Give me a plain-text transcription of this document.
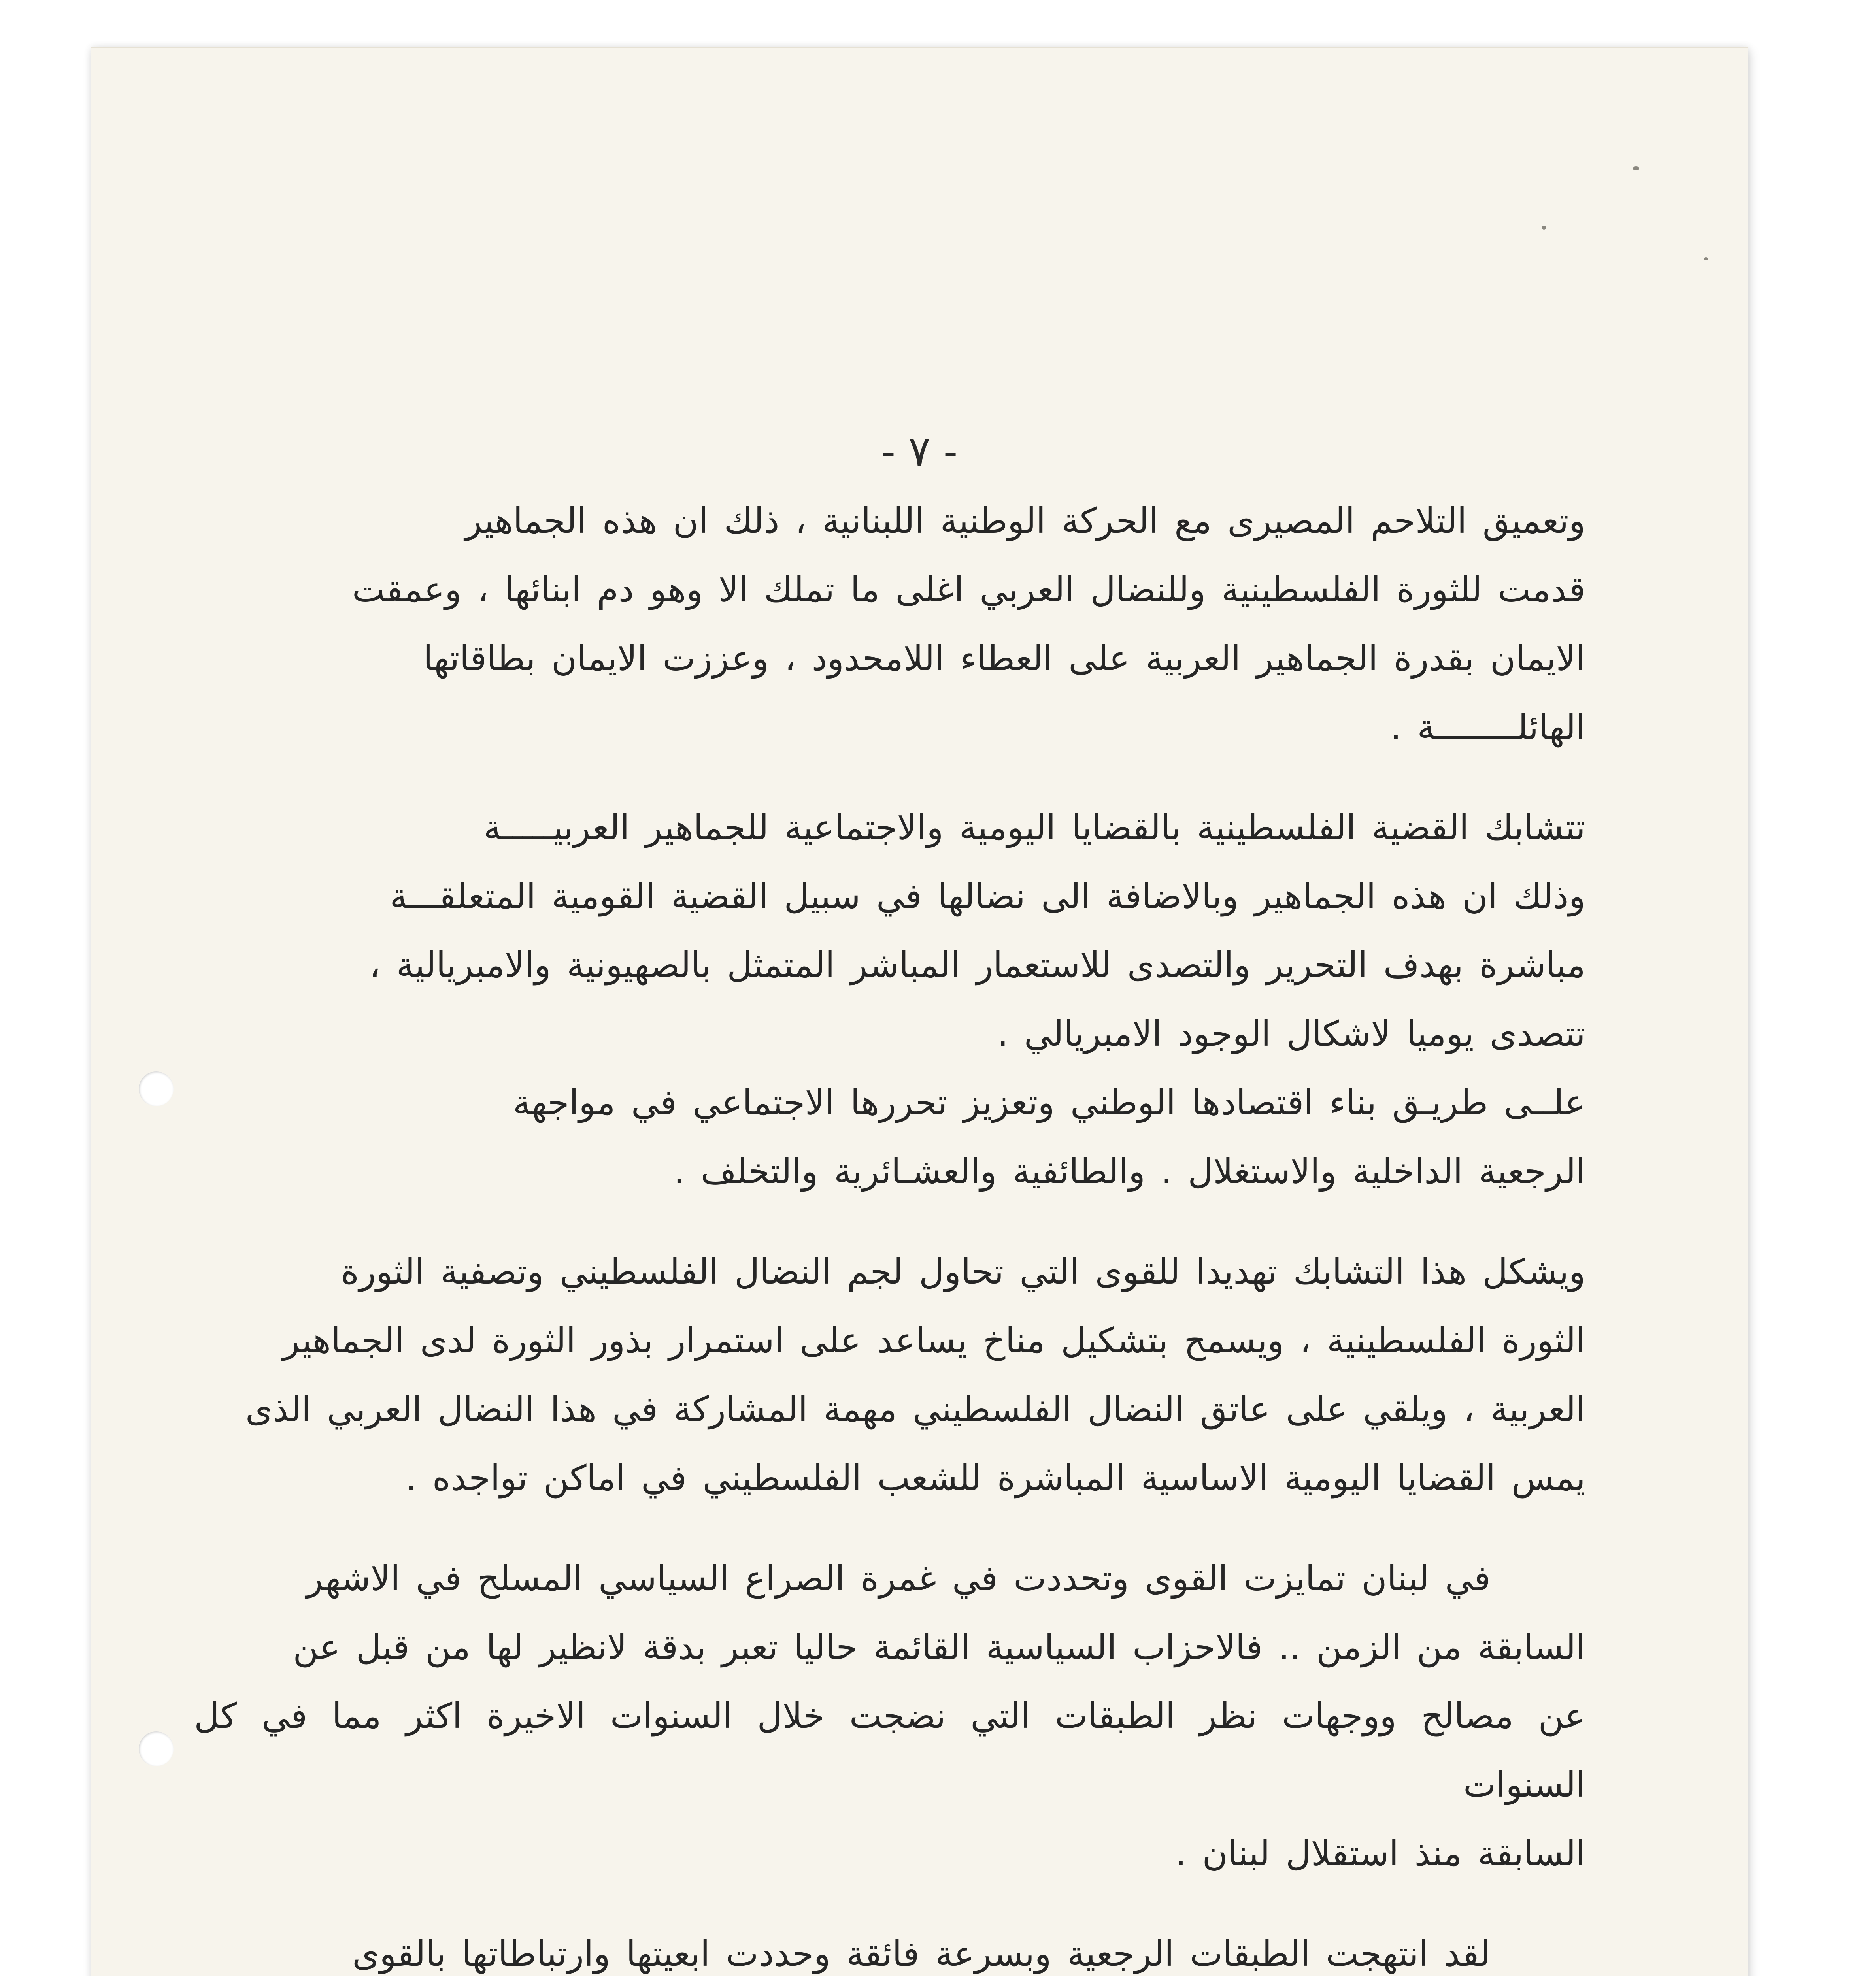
- ٧ -

وتعميق التلاحم المصيرى مع الحركة الوطنية اللبنانية ، ذلك ان هذه الجماهير
قدمت للثورة الفلسطينية وللنضال العربي اغلى ما تملك الا وهو دم ابنائها ، وعمقت
الايمان بقدرة الجماهير العربية على العطاء اللامحدود ، وعززت الايمان بطاقاتها
الهائلــــــــة .

تتشابك القضية الفلسطينية بالقضايا اليومية والاجتماعية للجماهير العربيـــــة
وذلك ان هذه الجماهير وبالاضافة الى نضالها في سبيل القضية القومية المتعلقـــة
مباشرة بهدف التحرير والتصدى للاستعمار المباشر المتمثل بالصهيونية والامبريالية ،
تتصدى يوميا لاشكال الوجود الامبريالي .
علــى طريـق بناء اقتصادها الوطني وتعزيز تحررها الاجتماعي في مواجهة
الرجعية الداخلية والاستغلال . والطائفية والعشـائرية والتخلف .

ويشكل هذا التشابك تهديدا للقوى التي تحاول لجم النضال الفلسطيني وتصفية الثورة
الثورة الفلسطينية ، ويسمح بتشكيل مناخ يساعد على استمرار بذور الثورة لدى الجماهير
العربية ، ويلقي على عاتق النضال الفلسطيني مهمة المشاركة في هذا النضال العربي الذى
يمس القضايا اليومية الاساسية المباشرة للشعب الفلسطيني في اماكن تواجده .

في لبنان تمايزت القوى وتحددت في غمرة الصراع السياسي المسلح في الاشهر
السابقة من الزمن .. فالاحزاب السياسية القائمة حاليا تعبر بدقة لانظير لها من قبل عن
عن مصالح ووجهات نظر الطبقات التي نضجت خلال السنوات الاخيرة اكثر مما في كل السنوات
السابقة منذ استقلال لبنان .

لقد انتهجت الطبقات الرجعية وبسرعة فائقة وحددت ابعيتها وارتباطاتها بالقوى
